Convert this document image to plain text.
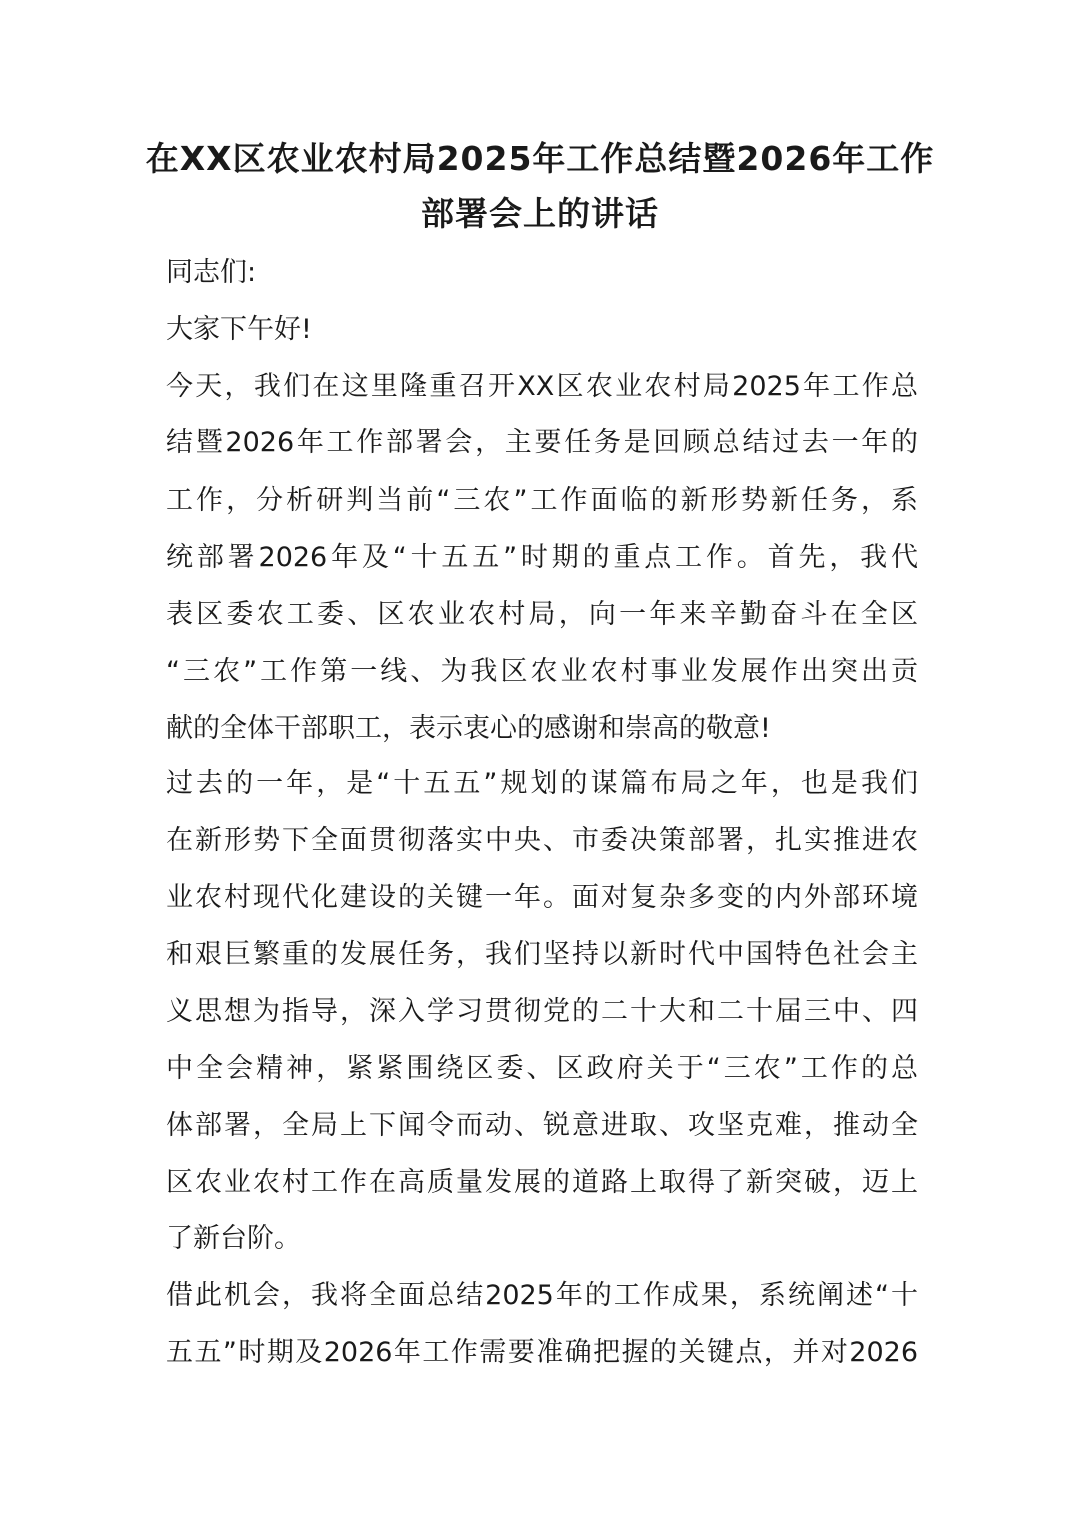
在XX区农业农村局2025年工作总结暨2026年工作
部署会上的讲话

同志们:

大家下午好!

今天，我们在这里隆重召开XX区农业农村局2025年工作总

结暨2026年工作部署会，主要任务是回顾总结过去一年的

工作，分析研判当前“三农”工作面临的新形势新任务，系

统部署2026年及“十五五”时期的重点工作。首先，我代

表区委农工委、区农业农村局，向一年来辛勤奋斗在全区

“三农”工作第一线、为我区农业农村事业发展作出突出贡

献的全体干部职工，表示衷心的感谢和崇高的敬意!

过去的一年，是“十五五”规划的谋篇布局之年，也是我们

在新形势下全面贯彻落实中央、市委决策部署，扎实推进农

业农村现代化建设的关键一年。面对复杂多变的内外部环境

和艰巨繁重的发展任务，我们坚持以新时代中国特色社会主

义思想为指导，深入学习贯彻党的二十大和二十届三中、四

中全会精神，紧紧围绕区委、区政府关于“三农”工作的总

体部署，全局上下闻令而动、锐意进取、攻坚克难，推动全

区农业农村工作在高质量发展的道路上取得了新突破，迈上

了新台阶。

借此机会，我将全面总结2025年的工作成果，系统阐述“十

五五”时期及2026年工作需要准确把握的关键点，并对2026
